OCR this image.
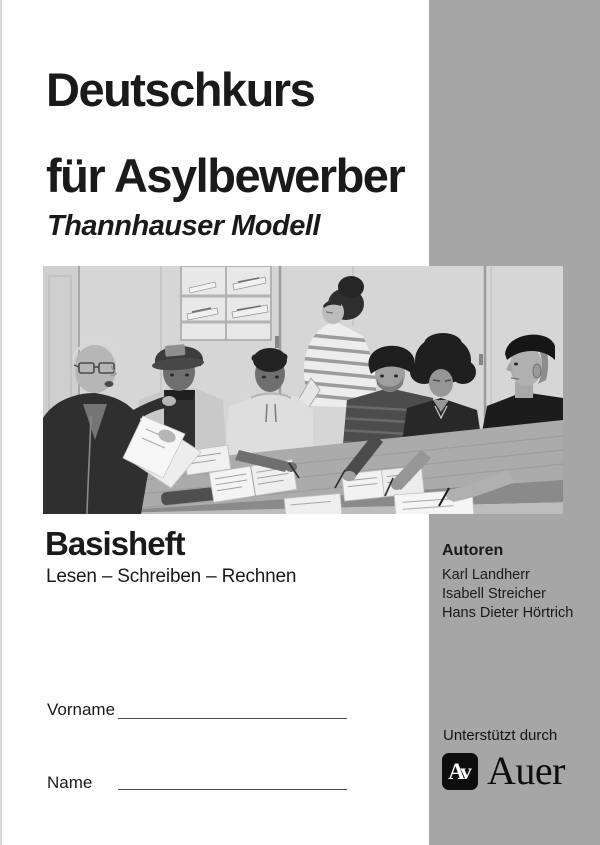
Deutschkurs
für Asylbewerber
Thannhauser Modell
Basisheft
Lesen – Schreiben – Rechnen
Autoren
Karl Landherr
Isabell Streicher
Hans Dieter Hörtrich
Vorname
Name
Unterstützt durch
Av Auer
